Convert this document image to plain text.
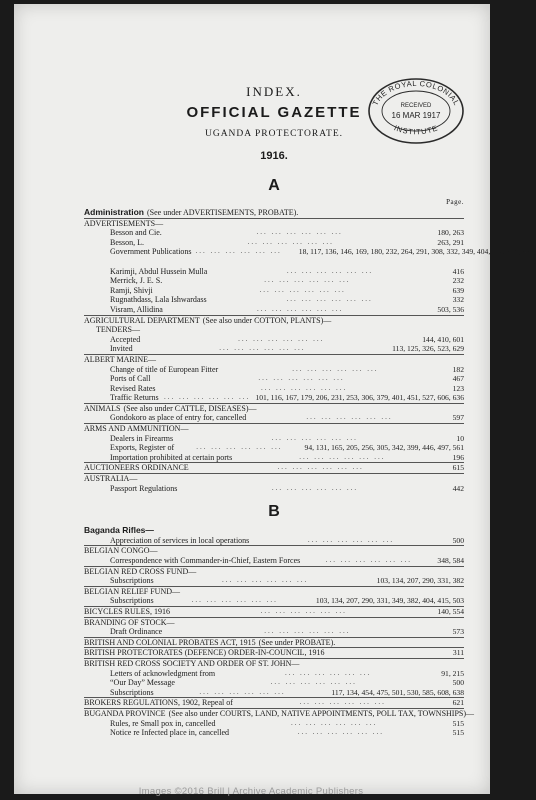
THE ROYAL COLONIAL
RECEIVED
16 MAR 1917
INSTITUTE
INDEX.
OFFICIAL GAZETTE
UGANDA PROTECTORATE.
1916.
A
Page.
Administration (See under ADVERTISEMENTS, PROBATE).
ADVERTISEMENTS—
Besson and Cie.	... ... ... ... ... ...	180, 263
Besson, L.	... ... ... ... ... ...	263, 291
Government Publications ... ... ... ... ... ...	18, 117, 136, 146, 169, 180, 232, 264, 291, 308, 332, 349, 404, 416, 455, 476, 504, 586
Karimji, Abdul Hussein Mulla	... ... ... ... ... ...	416
Merrick, J. E. S.	... ... ... ... ... ...	232
Ramji, Shivji	... ... ... ... ... ...	639
Rugnathdass, Lala Ishwardass	... ... ... ... ... ...	332
Visram, Allidina	... ... ... ... ... ...	503, 536
AGRICULTURAL DEPARTMENT (See also under COTTON, PLANTS)—
TENDERS—
Accepted	... ... ... ... ... ...	144, 410, 601
Invited	... ... ... ... ... ...	113, 125, 326, 523, 629
ALBERT MARINE—
Change of title of European Fitter	... ... ... ... ... ...	182
Ports of Call	... ... ... ... ... ...	467
Revised Rates	... ... ... ... ... ...	123
Traffic Returns ... ... ... ... ... ... 101, 116, 167, 179, 206, 231, 253, 306, 379, 401, 451, 527, 606, 636
ANIMALS (See also under CATTLE, DISEASES)—
Gondokoro as place of entry for, cancelled	... ... ... ... ... ...	597
ARMS AND AMMUNITION—
Dealers in Firearms	... ... ... ... ... ...	10
Exports, Register of	... ... ... ... ... ...	94, 131, 165, 205, 256, 305, 342, 399, 446, 497, 561
Importation prohibited at certain ports	... ... ... ... ... ...	196
AUCTIONEERS ORDINANCE	... ... ... ... ... ...	615
AUSTRALIA—
Passport Regulations	... ... ... ... ... ...	442
B
Baganda Rifles—
Appreciation of services in local operations	... ... ... ... ... ...	500
BELGIAN CONGO—
Correspondence with Commander-in-Chief, Eastern Forces	... ... ... ... ... ...	348, 584
BELGIAN RED CROSS FUND—
Subscriptions	... ... ... ... ... ...	103, 134, 207, 290, 331, 382
BELGIAN RELIEF FUND—
Subscriptions	... ... ... ... ... ...	103, 134, 207, 290, 331, 349, 382, 404, 415, 503
BICYCLES RULES, 1916	... ... ... ... ... ...	140, 554
BRANDING OF STOCK—
Draft Ordinance	... ... ... ... ... ...	573
BRITISH AND COLONIAL PROBATES ACT, 1915 (See under PROBATE).
BRITISH PROTECTORATES (DEFENCE) ORDER-IN-COUNCIL, 1916	311
BRITISH RED CROSS SOCIETY AND ORDER OF ST. JOHN—
Letters of acknowledgment from	... ... ... ... ... ...	91, 215
“Our Day” Message	... ... ... ... ... ...	500
Subscriptions	... ... ... ... ... ...	117, 134, 454, 475, 501, 530, 585, 608, 638
BROKERS REGULATIONS, 1902, Repeal of	... ... ... ... ... ...	621
BUGANDA PROVINCE (See also under COURTS, LAND, NATIVE APPOINTMENTS, POLL TAX, TOWNSHIPS)—
Rules, re Small pox in, cancelled	... ... ... ... ... ...	515
Notice re Infected place in, cancelled	... ... ... ... ... ...	515
Images ©2016 Brill | Archive Academic Publishers
